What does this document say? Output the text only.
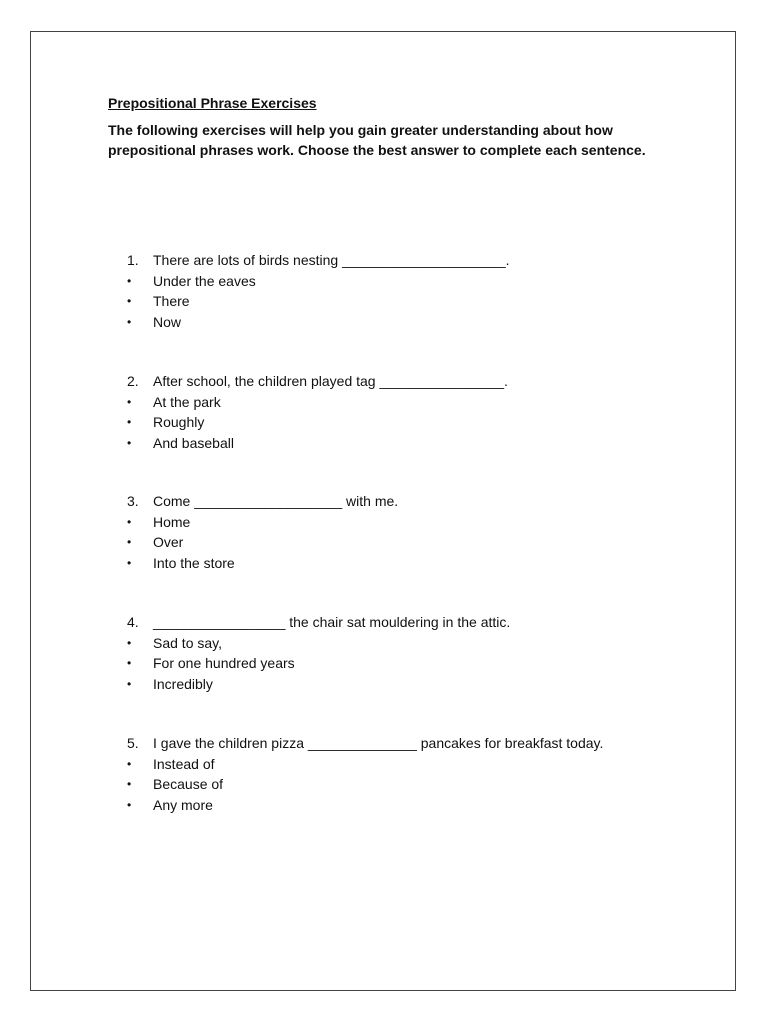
Prepositional Phrase Exercises

The following exercises will help you gain greater understanding about how prepositional phrases work. Choose the best answer to complete each sentence.

1.	There are lots of birds nesting _____________________.
•	Under the eaves
•	There
•	Now
2.	After school, the children played tag ________________.
•	At the park
•	Roughly
•	And baseball
3.	Come ___________________ with me.
•	Home
•	Over
•	Into the store
4.	_________________ the chair sat mouldering in the attic.
•	Sad to say,
•	For one hundred years
•	Incredibly
5.	I gave the children pizza ______________ pancakes for breakfast today.
•	Instead of
•	Because of
•	Any more
